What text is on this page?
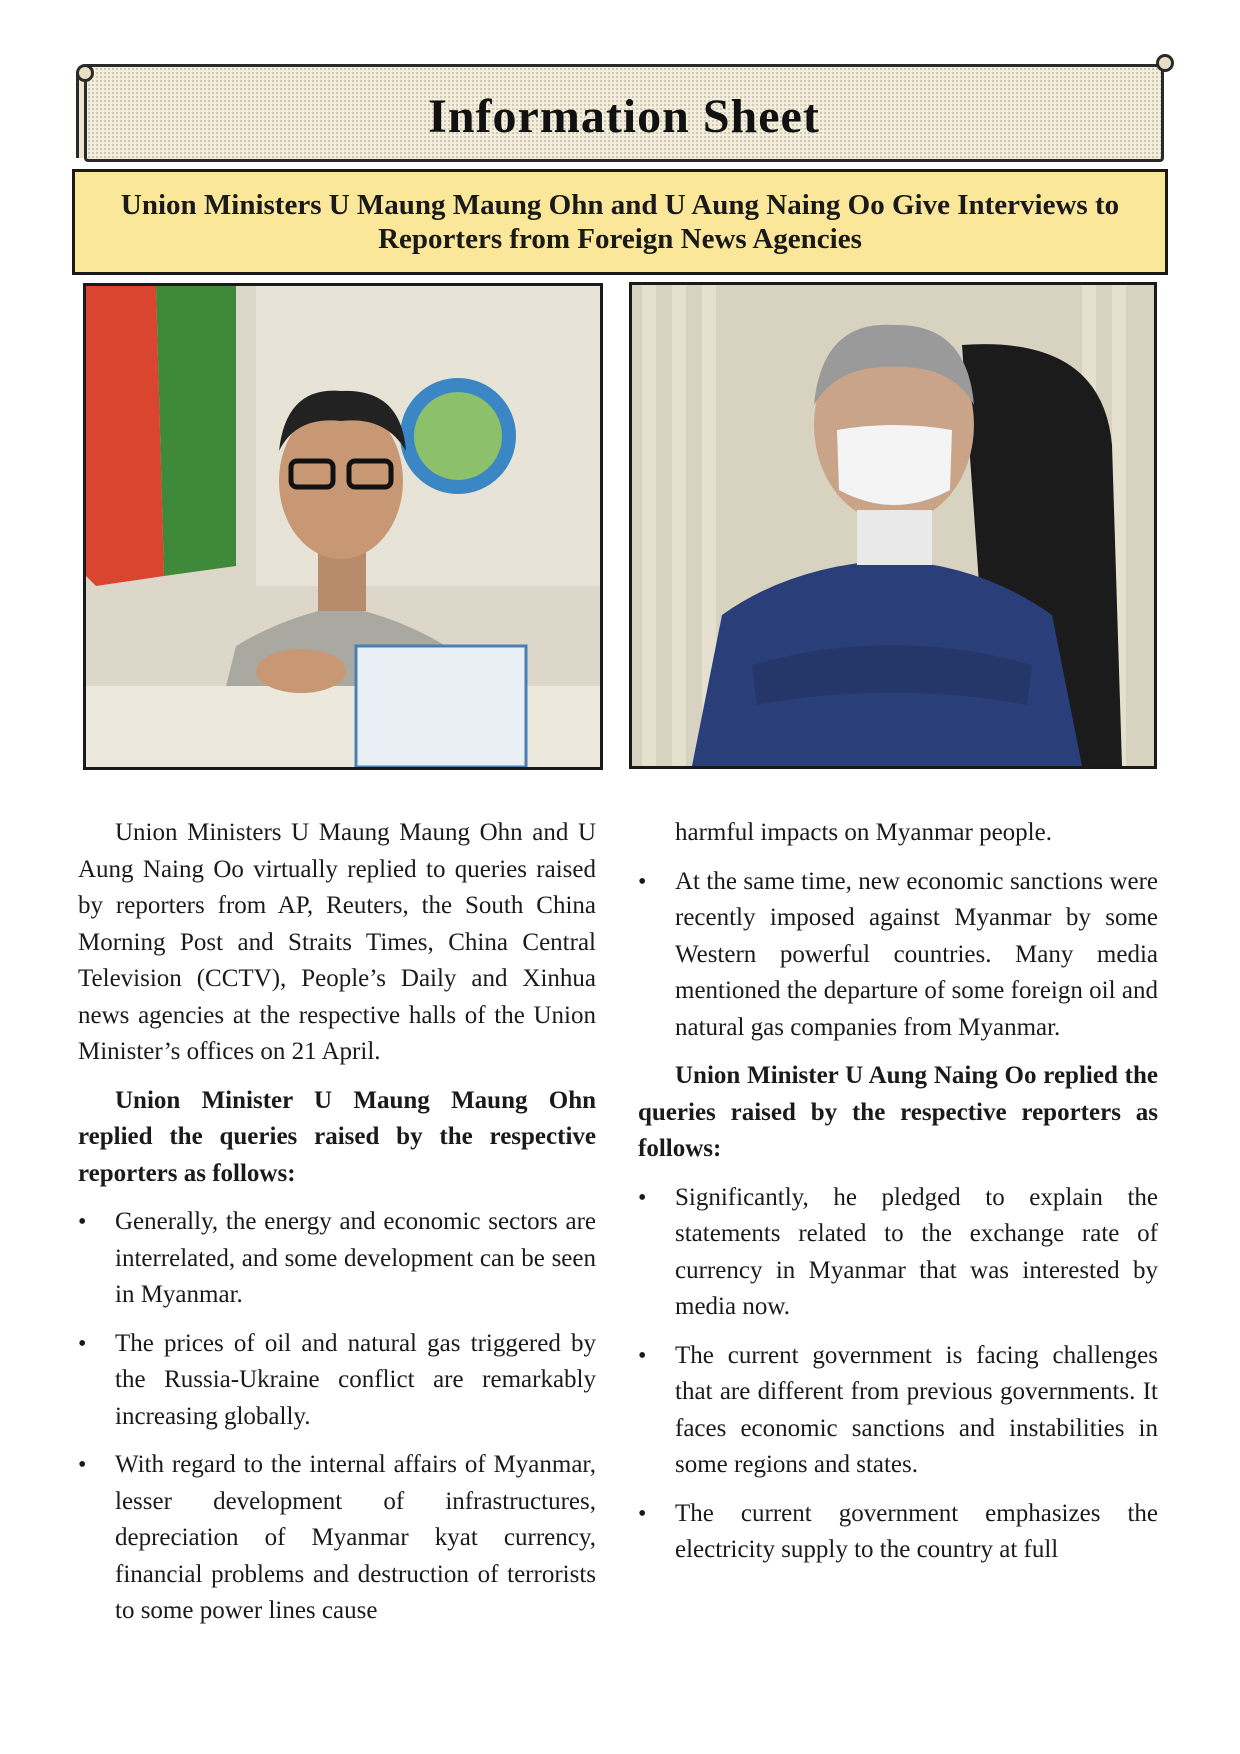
Information Sheet
Union Ministers U Maung Maung Ohn and U Aung Naing Oo Give Interviews to Reporters from Foreign News Agencies

Union Ministers U Maung Maung Ohn and U Aung Naing Oo virtually replied to queries raised by reporters from AP, Reuters, the South China Morning Post and Straits Times, China Central Television (CCTV), People’s Daily and Xinhua news agencies at the respective halls of the Union Minister’s offices on 21 April.

Union Minister U Maung Maung Ohn replied the queries raised by the respective reporters as follows:

• Generally, the energy and economic sectors are interrelated, and some development can be seen in Myanmar.
• The prices of oil and natural gas triggered by the Russia-Ukraine conflict are remarkably increasing globally.
• With regard to the internal affairs of Myanmar, lesser development of infrastructures, depreciation of Myanmar kyat currency, financial problems and destruction of terrorists to some power lines cause
harmful impacts on Myanmar people.
• At the same time, new economic sanctions were recently imposed against Myanmar by some Western powerful countries. Many media mentioned the departure of some foreign oil and natural gas companies from Myanmar.

Union Minister U Aung Naing Oo replied the queries raised by the respective reporters as follows:

• Significantly, he pledged to explain the statements related to the exchange rate of currency in Myanmar that was interested by media now.
• The current government is facing challenges that are different from previous governments. It faces economic sanctions and instabilities in some regions and states.
• The current government emphasizes the electricity supply to the country at full
